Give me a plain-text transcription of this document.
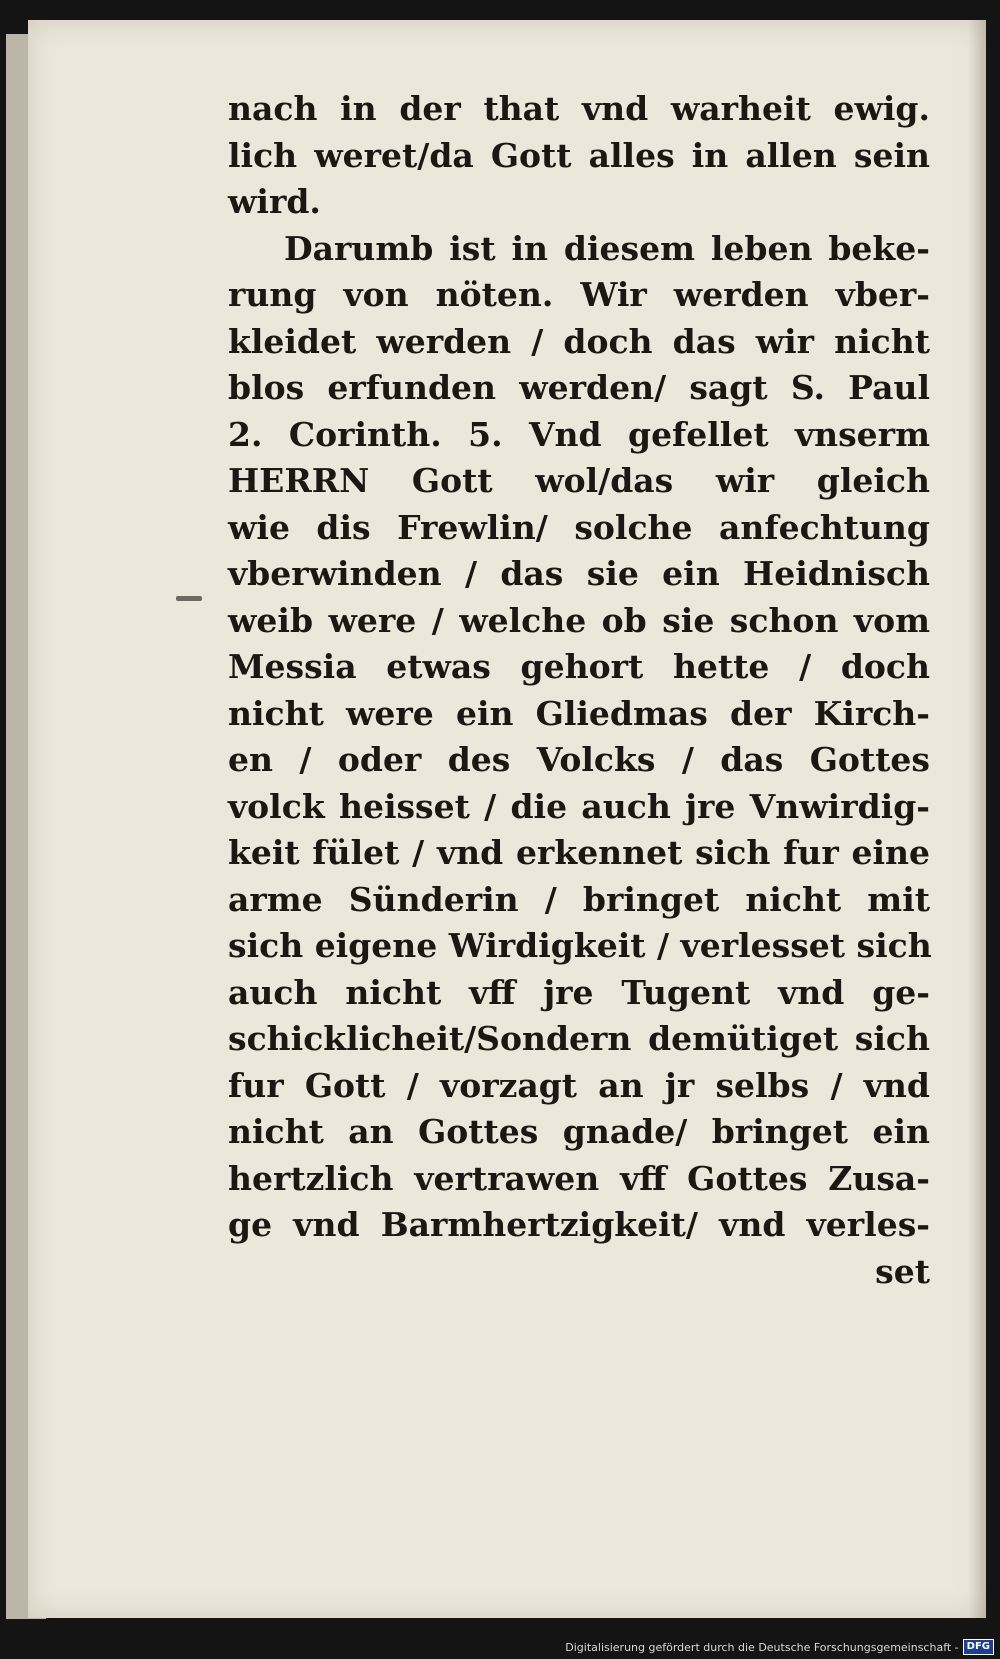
nach in der that vnd warheit ewig.
lich weret/da Gott alles in allen sein
wird.
Darumb ist in diesem leben beke-
rung von nöten. Wir werden vber-
kleidet werden / doch das wir nicht
blos erfunden werden/ sagt S. Paul
2. Corinth. 5. Vnd gefellet vnserm
HERRN Gott wol/das wir gleich
wie dis Frewlin/ solche anfechtung
vberwinden / das sie ein Heidnisch
weib were / welche ob sie schon vom
Messia etwas gehort hette / doch
nicht were ein Gliedmas der Kirch-
en / oder des Volcks / das Gottes
volck heisset / die auch jre Vnwirdig-
keit fület / vnd erkennet sich fur eine
arme Sünderin / bringet nicht mit
sich eigene Wirdigkeit / verlesset sich
auch nicht vff jre Tugent vnd ge-
schicklicheit/Sondern demütiget sich
fur Gott / vorzagt an jr selbs / vnd
nicht an Gottes gnade/ bringet ein
hertzlich vertrawen vff Gottes Zusa-
ge vnd Barmhertzigkeit/ vnd verles-
set
Digitalisierung gefördert durch die Deutsche Forschungsgemeinschaft - DFG
